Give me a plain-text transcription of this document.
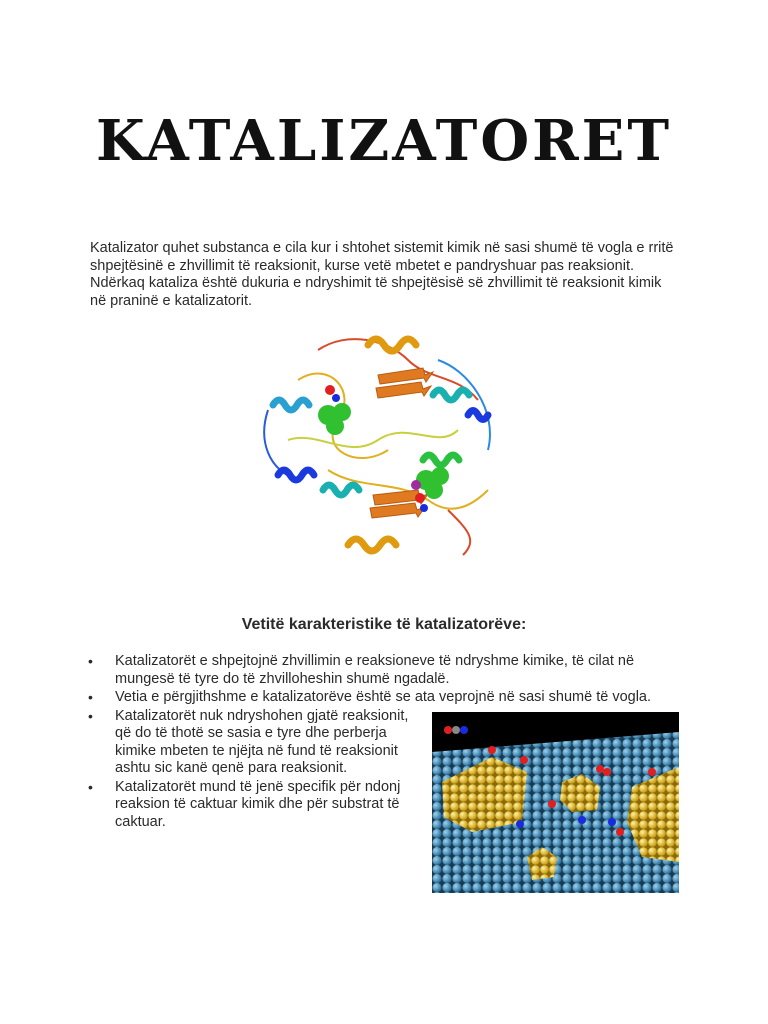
KATALIZATORET
Katalizator quhet substanca e cila kur i shtohet sistemit kimik në sasi shumë të vogla e rritë shpejtësinë e zhvillimit të reaksionit, kurse vetë mbetet e pandryshuar pas reaksionit. Ndërkaq kataliza është dukuria e ndryshimit të shpejtësisë së zhvillimit të reaksionit kimik në praninë e katalizatorit.
Vetitë karakteristike të katalizatorëve:
• Katalizatorët e shpejtojnë zhvillimin e reaksioneve të ndryshme kimike, të cilat në mungesë të tyre do të zhvilloheshin shumë ngadalë.
• Vetia e përgjithshme e katalizatorëve është se ata veprojnë në sasi shumë të vogla.
• Katalizatorët nuk ndryshohen gjatë reaksionit, që do të thotë se sasia e tyre dhe perberja kimike mbeten te njëjta në fund të reaksionit ashtu sic kanë qenë para reaksionit.
• Katalizatorët mund të jenë specifik për ndonj reaksion të caktuar kimik dhe për substrat të caktuar.
